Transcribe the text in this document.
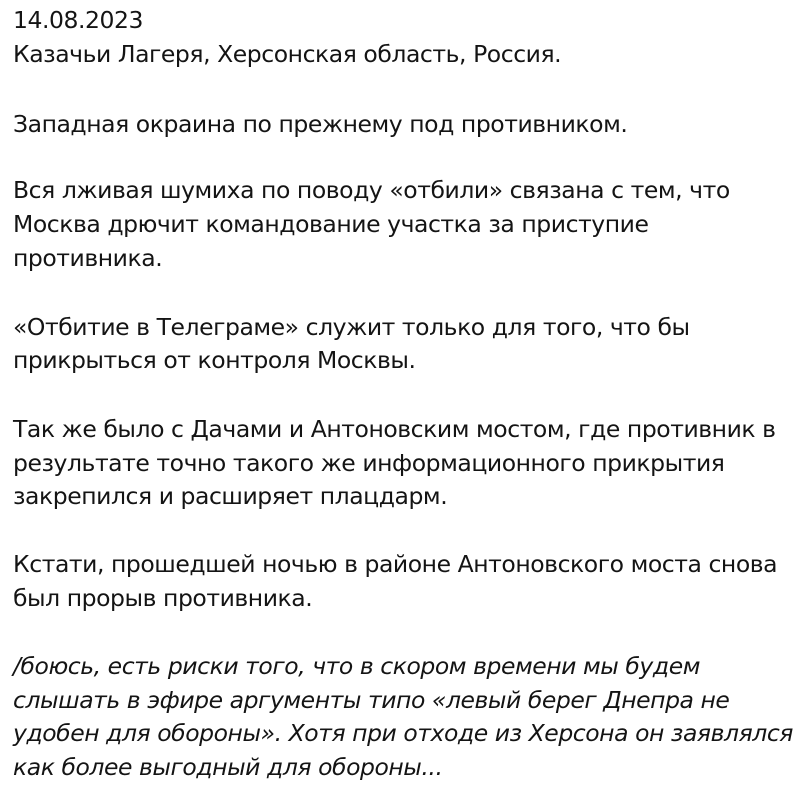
14.08.2023
Казачьи Лагеря, Херсонская область, Россия.
Западная окраина по прежнему под противником.
Вся лживая шумиха по поводу «отбили» связана с тем, что
Москва дрючит командование участка за приступие
противника.
«Отбитие в Телеграме» служит только для того, что бы
прикрыться от контроля Москвы.
Так же было с Дачами и Антоновским мостом, где противник в
результате точно такого же информационного прикрытия
закрепился и расширяет плацдарм.
Кстати, прошедшей ночью в районе Антоновского моста снова
был прорыв противника.
/боюсь, есть риски того, что в скором времени мы будем
слышать в эфире аргументы типо «левый берег Днепра не
удобен для обороны». Хотя при отходе из Херсона он заявлялся
как более выгодный для обороны...
